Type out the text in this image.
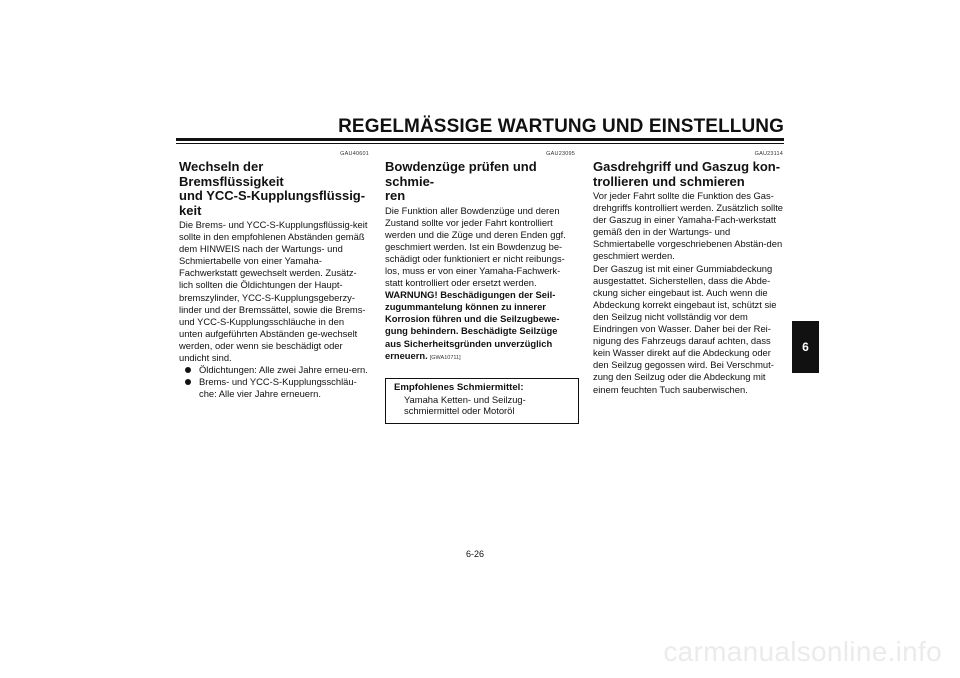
REGELMÄSSIGE WARTUNG UND EINSTELLUNG
GAU40601
Wechseln der Bremsflüssigkeit
und YCC-S-Kupplungsflüssig-
keit

Die Brems- und YCC-S-Kupplungsflüssig-keit sollte in den empfohlenen Abständen gemäß dem HINWEIS nach der Wartungs- und Schmiertabelle von einer Yamaha-Fachwerkstatt gewechselt werden. Zusätz-lich sollten die Öldichtungen der Haupt-bremszylinder, YCC-S-Kupplungsgeberzy-linder und der Bremssättel, sowie die Brems- und YCC-S-Kupplungsschläuche in den unten aufgeführten Abständen ge-wechselt werden, oder wenn sie beschädigt oder undicht sind.

Öldichtungen: Alle zwei Jahre erneu-ern.
Brems- und YCC-S-Kupplungsschläu-che: Alle vier Jahre erneuern.
GAU23095
Bowdenzüge prüfen und schmie-
ren

Die Funktion aller Bowdenzüge und deren Zustand sollte vor jeder Fahrt kontrolliert werden und die Züge und deren Enden ggf. geschmiert werden. Ist ein Bowdenzug be-schädigt oder funktioniert er nicht reibungs-los, muss er von einer Yamaha-Fachwerk-statt kontrolliert oder ersetzt werden.

WARNUNG! Beschädigungen der Seil-zugummantelung können zu innerer Korrosion führen und die Seilzugbewe-gung behindern. Beschädigte Seilzüge aus Sicherheitsgründen unverzüglich erneuern. [GWA10711]

Empfohlenes Schmiermittel:
Yamaha Ketten- und Seilzug-
schmiermittel oder Motoröl
GAU23114
Gasdrehgriff und Gaszug kon-
trollieren und schmieren

Vor jeder Fahrt sollte die Funktion des Gas-drehgriffs kontrolliert werden. Zusätzlich sollte der Gaszug in einer Yamaha-Fach-werkstatt gemäß den in der Wartungs- und Schmiertabelle vorgeschriebenen Abstän-den geschmiert werden.

Der Gaszug ist mit einer Gummiabdeckung ausgestattet. Sicherstellen, dass die Abde-ckung sicher eingebaut ist. Auch wenn die Abdeckung korrekt eingebaut ist, schützt sie den Seilzug nicht vollständig vor dem Eindringen von Wasser. Daher bei der Rei-nigung des Fahrzeugs darauf achten, dass kein Wasser direkt auf die Abdeckung oder den Seilzug gegossen wird. Bei Verschmut-zung den Seilzug oder die Abdeckung mit einem feuchten Tuch sauberwischen.

6-26
6
carmanualsonline.info
